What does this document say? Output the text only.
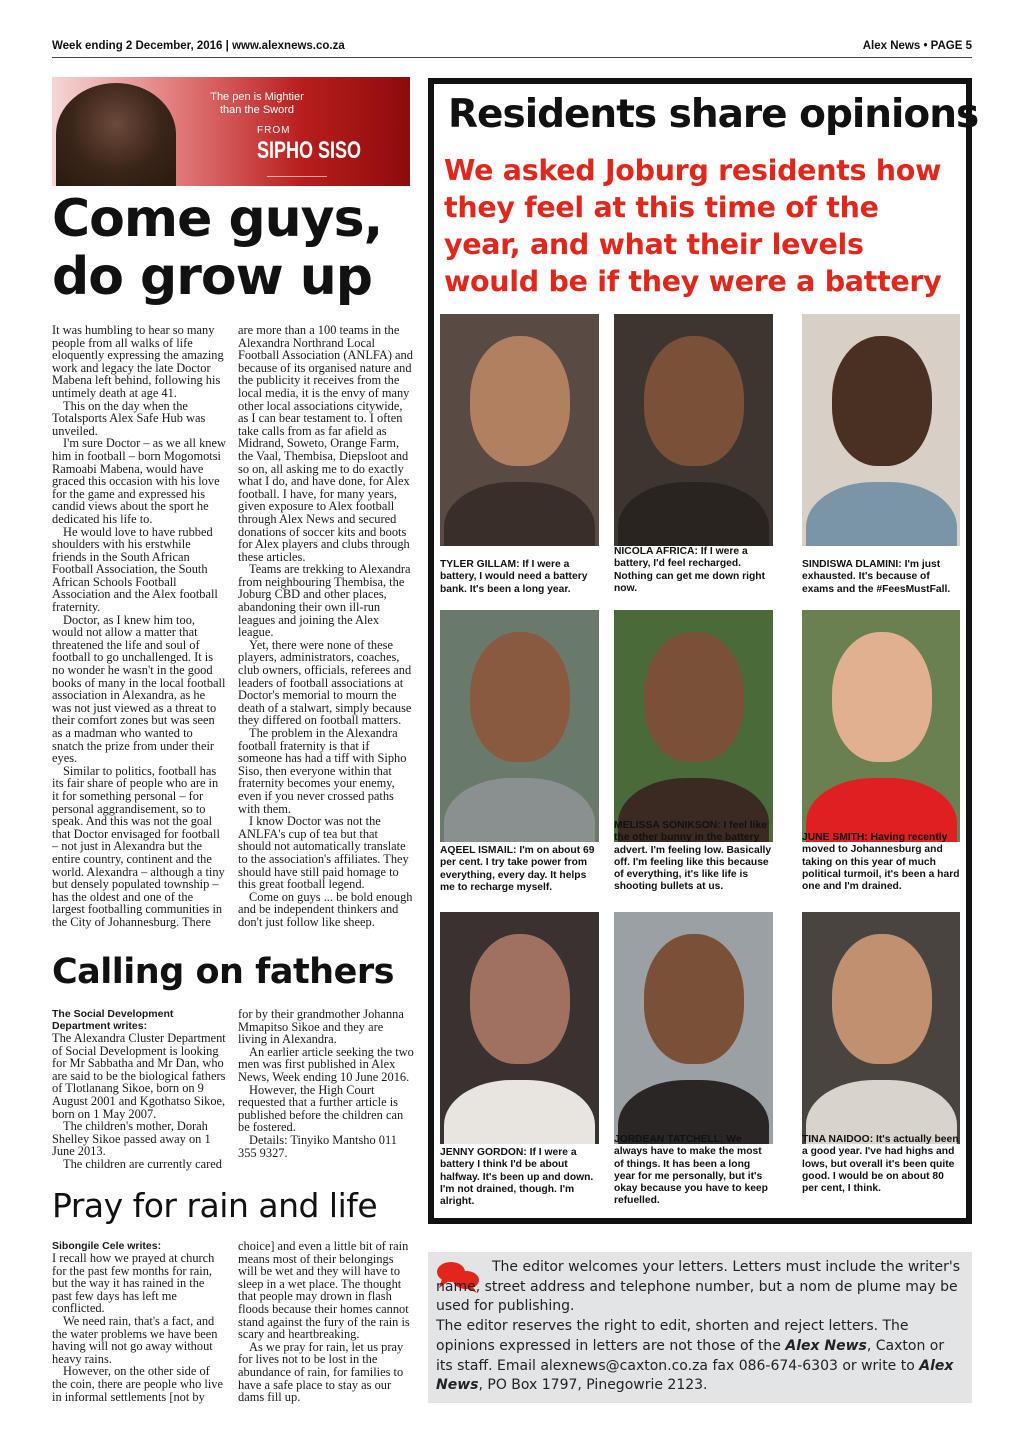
Week ending 2 December, 2016 | www.alexnews.co.za	Alex News • PAGE 5
The pen is Mightier than the Sword
FROM
SIPHO SISO
Come guys,
do grow up

It was humbling to hear so many people from all walks of life eloquently expressing the amazing work and legacy the late Doctor Mabena left behind, following his untimely death at age 41.

This on the day when the Totalsports Alex Safe Hub was unveiled.

I'm sure Doctor – as we all knew him in football – born Mogomotsi Ramoabi Mabena, would have graced this occasion with his love for the game and expressed his candid views about the sport he dedicated his life to.

He would love to have rubbed shoulders with his erstwhile friends in the South African Football Association, the South African Schools Football Association and the Alex football fraternity.

Doctor, as I knew him too, would not allow a matter that threatened the life and soul of football to go unchallenged. It is no wonder he wasn't in the good books of many in the local football association in Alexandra, as he was not just viewed as a threat to their comfort zones but was seen as a madman who wanted to snatch the prize from under their eyes.

Similar to politics, football has its fair share of people who are in it for something personal – for personal aggrandisement, so to speak. And this was not the goal that Doctor envisaged for football – not just in Alexandra but the entire country, continent and the world. Alexandra – although a tiny but densely populated township – has the oldest and one of the largest footballing communities in the City of Johannesburg. There

are more than a 100 teams in the Alexandra Northrand Local Football Association (ANLFA) and because of its organised nature and the publicity it receives from the local media, it is the envy of many other local associations citywide, as I can bear testament to. I often take calls from as far afield as Midrand, Soweto, Orange Farm, the Vaal, Thembisa, Diepsloot and so on, all asking me to do exactly what I do, and have done, for Alex football. I have, for many years, given exposure to Alex football through Alex News and secured donations of soccer kits and boots for Alex players and clubs through these articles.

Teams are trekking to Alexandra from neighbouring Thembisa, the Joburg CBD and other places, abandoning their own ill-run leagues and joining the Alex league.

Yet, there were none of these players, administrators, coaches, club owners, officials, referees and leaders of football associations at Doctor's memorial to mourn the death of a stalwart, simply because they differed on football matters.

The problem in the Alexandra football fraternity is that if someone has had a tiff with Sipho Siso, then everyone within that fraternity becomes your enemy, even if you never crossed paths with them.

I know Doctor was not the ANLFA's cup of tea but that should not automatically translate to the association's affiliates. They should have still paid homage to this great football legend.

Come on guys ... be bold enough and be independent thinkers and don't just follow like sheep.

Calling on fathers
The Social Development Department writes:

The Alexandra Cluster Department of Social Development is looking for Mr Sabbatha and Mr Dan, who are said to be the biological fathers of Tlotlanang Sikoe, born on 9 August 2001 and Kgothatso Sikoe, born on 1 May 2007.

The children's mother, Dorah Shelley Sikoe passed away on 1 June 2013.

The children are currently cared

for by their grandmother Johanna Mmapitso Sikoe and they are living in Alexandra.

An earlier article seeking the two men was first published in Alex News, Week ending 10 June 2016.

However, the High Court requested that a further article is published before the children can be fostered.

Details: Tinyiko Mantsho 011 355 9327.

Pray for rain and life
Sibongile Cele writes:

I recall how we prayed at church for the past few months for rain, but the way it has rained in the past few days has left me conflicted.

We need rain, that's a fact, and the water problems we have been having will not go away without heavy rains.

However, on the other side of the coin, there are people who live in informal settlements [not by

choice] and even a little bit of rain means most of their belongings will be wet and they will have to sleep in a wet place. The thought that people may drown in flash floods because their homes cannot stand against the fury of the rain is scary and heartbreaking.

As we pray for rain, let us pray for lives not to be lost in the abundance of rain, for families to have a safe place to stay as our dams fill up.

Residents share opinions
We asked Joburg residents how they feel at this time of the year, and what their levels would be if they were a battery
TYLER GILLAM: If I were a battery, I would need a battery bank. It's been a long year.
NICOLA AFRICA: If I were a battery, I'd feel recharged. Nothing can get me down right now.
SINDISWA DLAMINI: I'm just exhausted. It's because of exams and the #FeesMustFall.
AQEEL ISMAIL: I'm on about 69 per cent. I try take power from everything, every day. It helps me to recharge myself.
MELISSA SONIKSON: I feel like the other bunny in the battery advert. I'm feeling low. Basically off. I'm feeling like this because of everything, it's like life is shooting bullets at us.
JUNE SMITH: Having recently moved to Johannesburg and taking on this year of much political turmoil, it's been a hard one and I'm drained.
JENNY GORDON: If I were a battery I think I'd be about halfway. It's been up and down. I'm not drained, though. I'm alright.
JORDEAN TATCHELL: We always have to make the most of things. It has been a long year for me personally, but it's okay because you have to keep refuelled.
TINA NAIDOO: It's actually been a good year. I've had highs and lows, but overall it's been quite good. I would be on about 80 per cent, I think.
The editor welcomes your letters. Letters must include the writer's name, street address and telephone number, but a nom de plume may be used for publishing.
The editor reserves the right to edit, shorten and reject letters. The opinions expressed in letters are not those of the Alex News, Caxton or its staff. Email alexnews@caxton.co.za fax 086-674-6303 or write to Alex News, PO Box 1797, Pinegowrie 2123.
